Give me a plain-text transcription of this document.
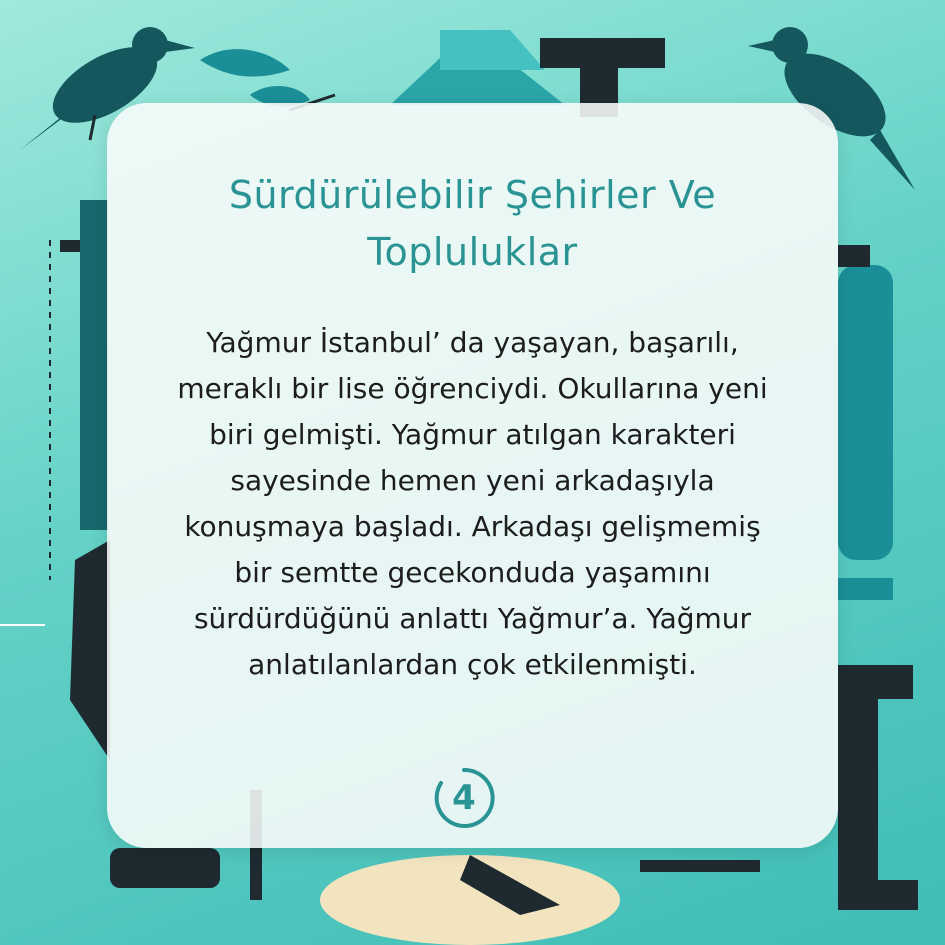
Sürdürülebilir Şehirler Ve
Topluluklar
Yağmur İstanbul’ da yaşayan, başarılı,
meraklı bir lise öğrenciydi. Okullarına yeni
biri gelmişti. Yağmur atılgan karakteri
sayesinde hemen yeni arkadaşıyla
konuşmaya başladı. Arkadaşı gelişmemiş
bir semtte gecekonduda yaşamını
sürdürdüğünü anlattı Yağmur’a. Yağmur
anlatılanlardan çok etkilenmişti.
4
